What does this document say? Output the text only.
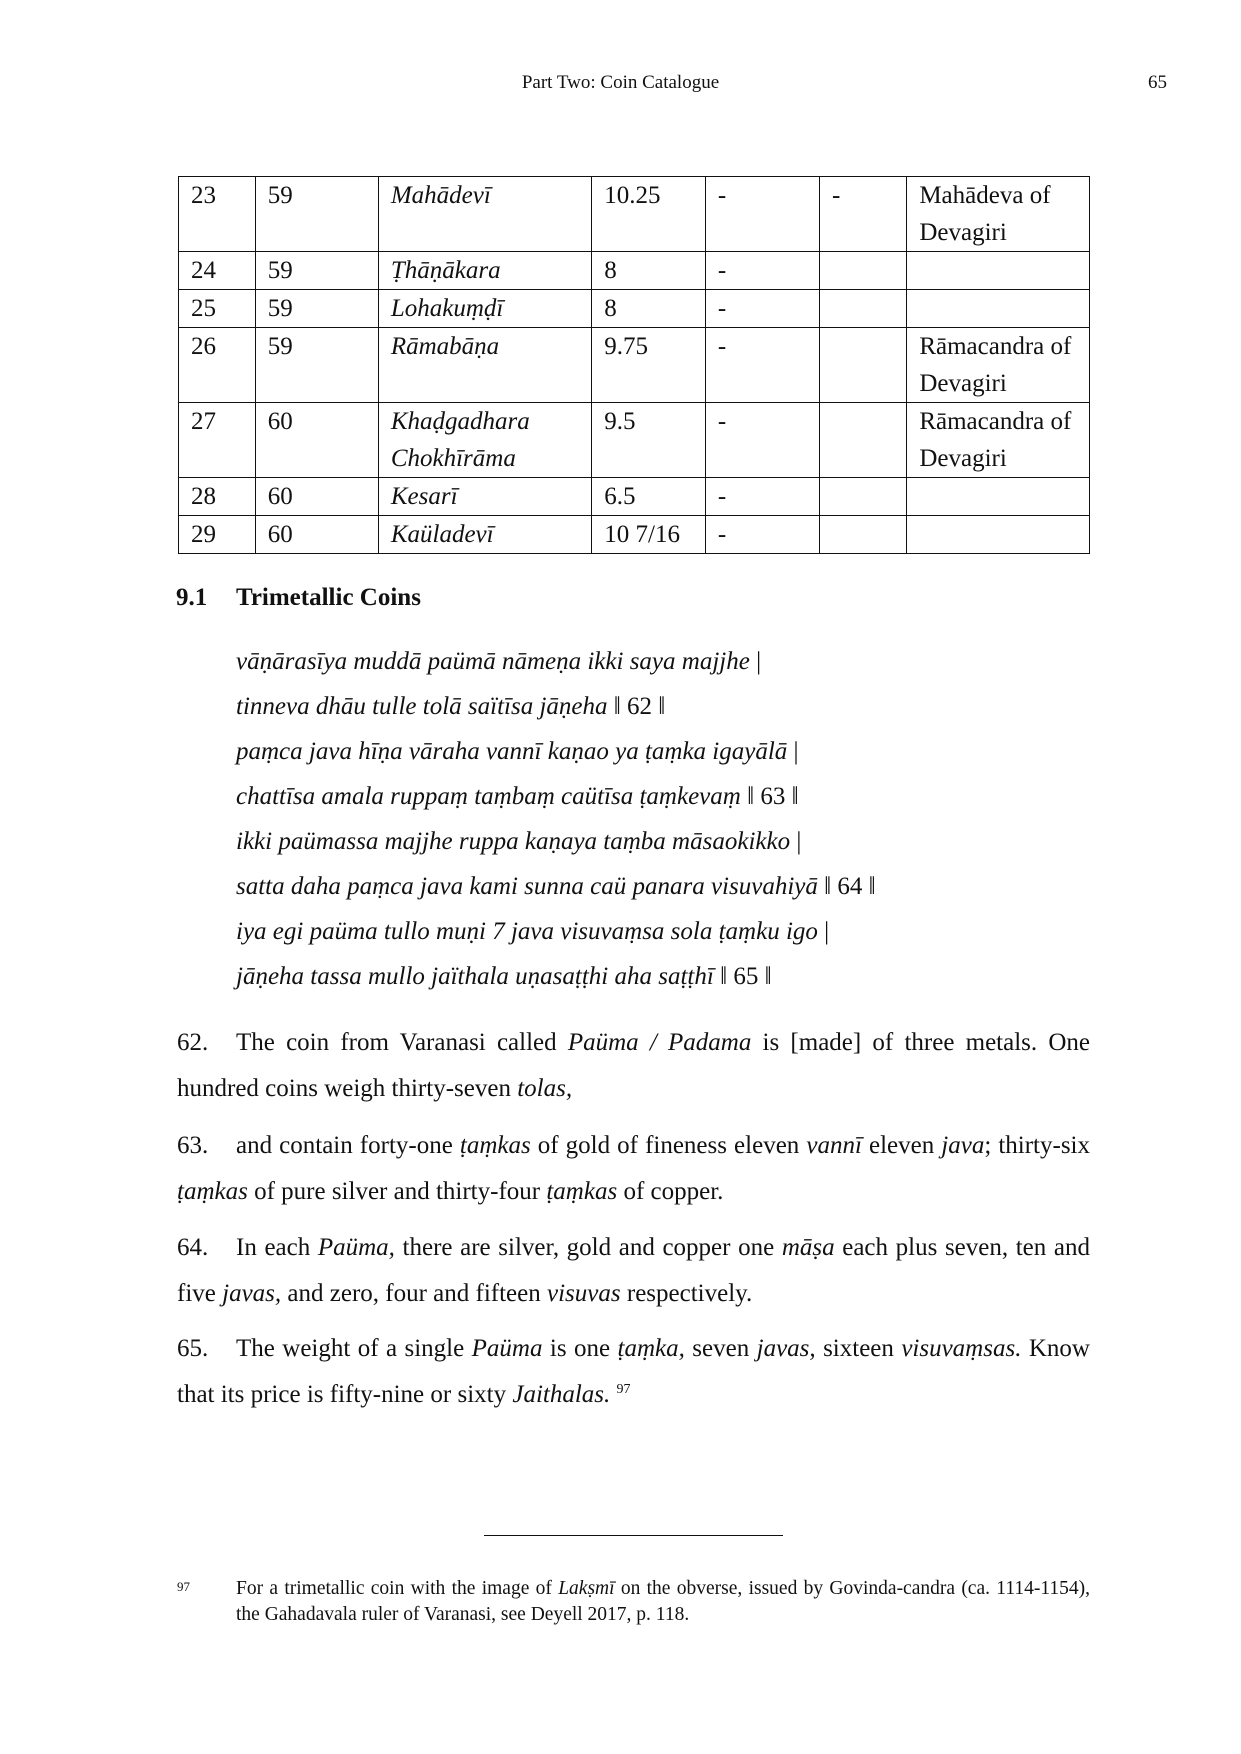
Part Two: Coin Catalogue	65
23	59	Mahādevī	10.25	-	-	Mahādeva of Devagiri
24	59	Ṭhāṇākara	8	-		
25	59	Lohakuṃḍī	8	-		
26	59	Rāmabāṇa	9.75	-		Rāmacandra of Devagiri
27	60	Khaḍgadhara Chokhīrāma	9.5	-		Rāmacandra of Devagiri
28	60	Kesarī	6.5	-		
29	60	Kaüladevī	10 7/16	-		
9.1 Trimetallic Coins
vāṇārasīya muddā paümā nāmeṇa ikki saya majjhe |
tinneva dhāu tulle tolā saïtīsa jāṇeha ‖ 62 ‖
paṃca java hīṇa vāraha vannī kaṇao ya ṭaṃka igayālā |
chattīsa amala ruppaṃ taṃbaṃ caütīsa ṭaṃkevaṃ ‖ 63 ‖
ikki paümassa majjhe ruppa kaṇaya taṃba māsaokikko |
satta daha paṃca java kami sunna caü panara visuvahiyā ‖ 64 ‖
iya egi paüma tullo muṇi 7 java visuvaṃsa sola ṭaṃku igo |
jāṇeha tassa mullo jaïthala uṇasaṭṭhi aha saṭṭhī ‖ 65 ‖
62. The coin from Varanasi called Paüma / Padama is [made] of three metals. One hundred coins weigh thirty-seven tolas,
63. and contain forty-one ṭaṃkas of gold of fineness eleven vannī eleven java; thirty-six ṭaṃkas of pure silver and thirty-four ṭaṃkas of copper.
64. In each Paüma, there are silver, gold and copper one māṣa each plus seven, ten and five javas, and zero, four and fifteen visuvas respectively.
65. The weight of a single Paüma is one ṭaṃka, seven javas, sixteen visuvaṃsas. Know that its price is fifty-nine or sixty Jaithalas. $^{97}$
97 For a trimetallic coin with the image of Lakṣmī on the obverse, issued by Govinda-candra (ca. 1114-1154), the Gahadavala ruler of Varanasi, see Deyell 2017, p. 118.
